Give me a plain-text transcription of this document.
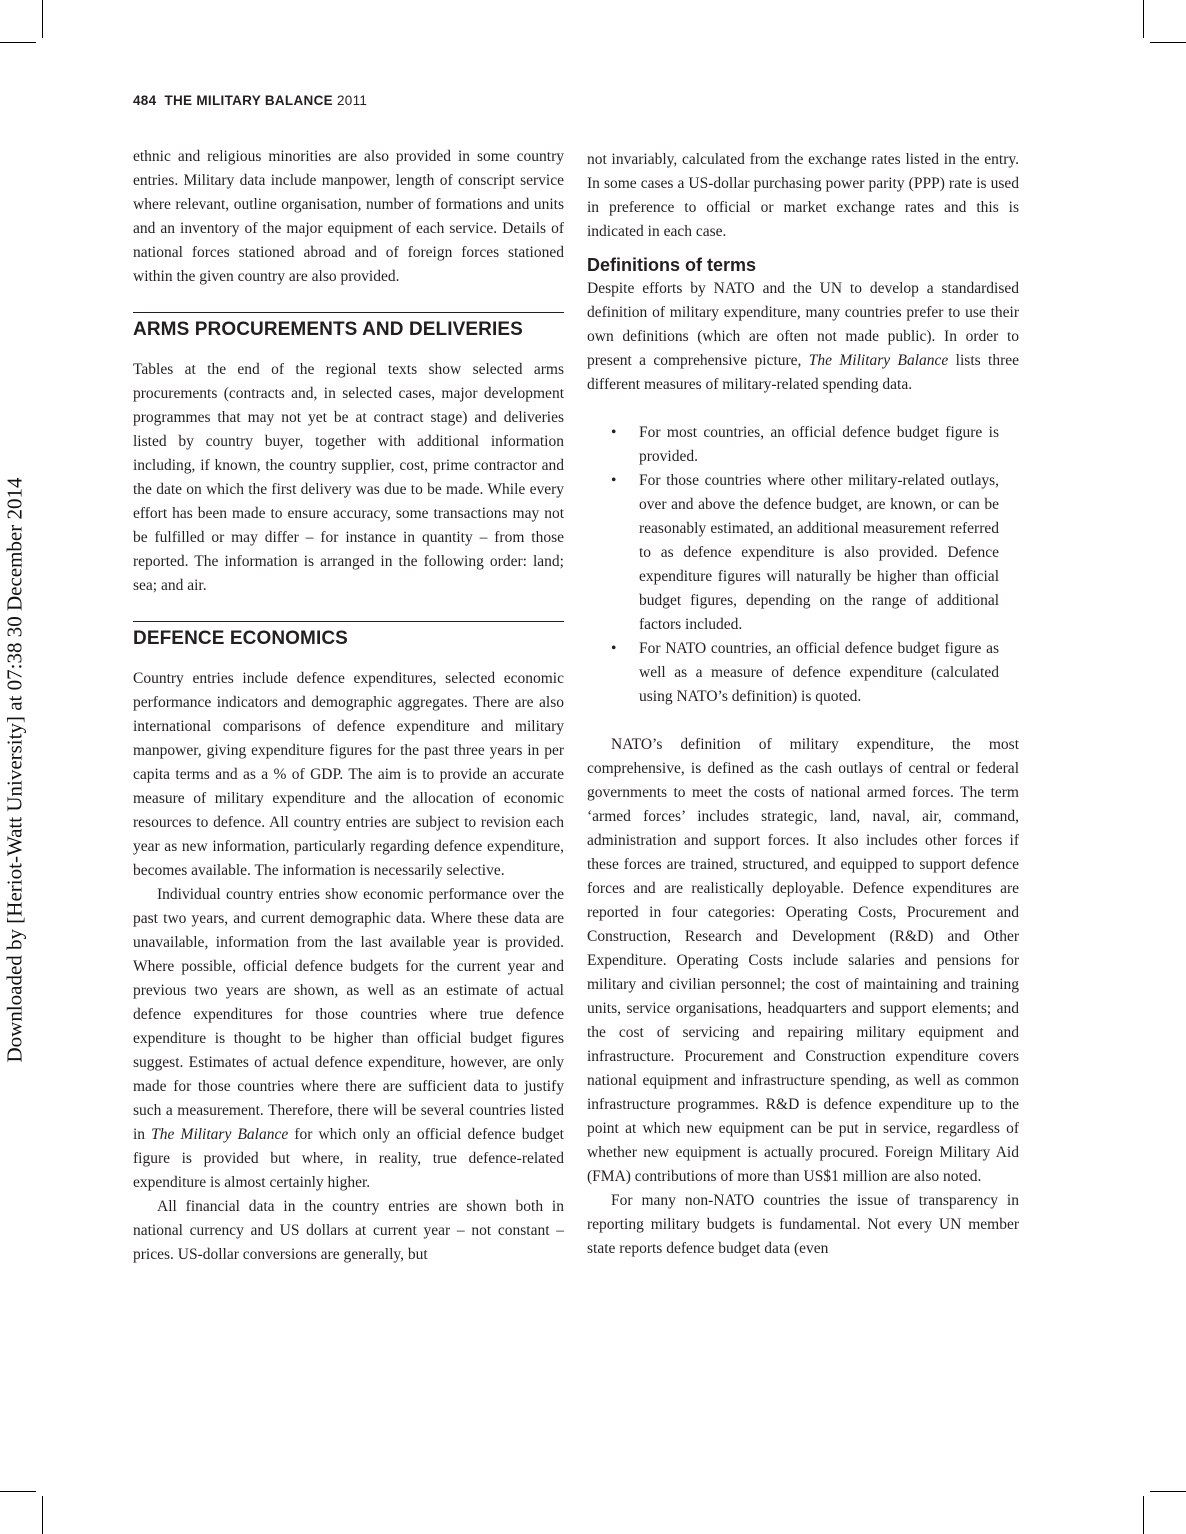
Downloaded by [Heriot-Watt University] at 07:38 30 December 2014
484 THE MILITARY BALANCE 2011

ethnic and religious minorities are also provided in some country entries. Military data include manpower, length of conscript service where relevant, outline organisation, number of formations and units and an inventory of the major equipment of each service. Details of national forces stationed abroad and of foreign forces stationed within the given country are also provided.

ARMS PROCUREMENTS AND DELIVERIES

Tables at the end of the regional texts show selected arms procurements (contracts and, in selected cases, major development programmes that may not yet be at contract stage) and deliveries listed by country buyer, together with additional information including, if known, the country supplier, cost, prime contractor and the date on which the first delivery was due to be made. While every effort has been made to ensure accuracy, some transactions may not be fulfilled or may differ – for instance in quantity – from those reported. The information is arranged in the following order: land; sea; and air.

DEFENCE ECONOMICS

Country entries include defence expenditures, selected economic performance indicators and demographic aggregates. There are also international comparisons of defence expenditure and military manpower, giving expenditure figures for the past three years in per capita terms and as a % of GDP. The aim is to provide an accurate measure of military expenditure and the allocation of economic resources to defence. All country entries are subject to revision each year as new information, particularly regarding defence expenditure, becomes available. The information is necessarily selective.

Individual country entries show economic performance over the past two years, and current demographic data. Where these data are unavailable, information from the last available year is provided. Where possible, official defence budgets for the current year and previous two years are shown, as well as an estimate of actual defence expenditures for those countries where true defence expenditure is thought to be higher than official budget figures suggest. Estimates of actual defence expenditure, however, are only made for those countries where there are sufficient data to justify such a measurement. Therefore, there will be several countries listed in The Military Balance for which only an official defence budget figure is provided but where, in reality, true defence-related expenditure is almost certainly higher.

All financial data in the country entries are shown both in national currency and US dollars at current year – not constant – prices. US-dollar conversions are generally, but

not invariably, calculated from the exchange rates listed in the entry. In some cases a US-dollar purchasing power parity (PPP) rate is used in preference to official or market exchange rates and this is indicated in each case.

Definitions of terms

Despite efforts by NATO and the UN to develop a standardised definition of military expenditure, many countries prefer to use their own definitions (which are often not made public). In order to present a comprehensive picture, The Military Balance lists three different measures of military-related spending data.

• For most countries, an official defence budget figure is provided.
• For those countries where other military-related outlays, over and above the defence budget, are known, or can be reasonably estimated, an additional measurement referred to as defence expenditure is also provided. Defence expenditure figures will naturally be higher than official budget figures, depending on the range of additional factors included.
• For NATO countries, an official defence budget figure as well as a measure of defence expenditure (calculated using NATO’s definition) is quoted.

NATO’s definition of military expenditure, the most comprehensive, is defined as the cash outlays of central or federal governments to meet the costs of national armed forces. The term ‘armed forces’ includes strategic, land, naval, air, command, administration and support forces. It also includes other forces if these forces are trained, structured, and equipped to support defence forces and are realistically deployable. Defence expenditures are reported in four categories: Operating Costs, Procurement and Construction, Research and Development (R&D) and Other Expenditure. Operating Costs include salaries and pensions for military and civilian personnel; the cost of maintaining and training units, service organisations, headquarters and support elements; and the cost of servicing and repairing military equipment and infrastructure. Procurement and Construction expenditure covers national equipment and infrastructure spending, as well as common infrastructure programmes. R&D is defence expenditure up to the point at which new equipment can be put in service, regardless of whether new equipment is actually procured. Foreign Military Aid (FMA) contributions of more than US$1 million are also noted.

For many non-NATO countries the issue of transparency in reporting military budgets is fundamental. Not every UN member state reports defence budget data (even
